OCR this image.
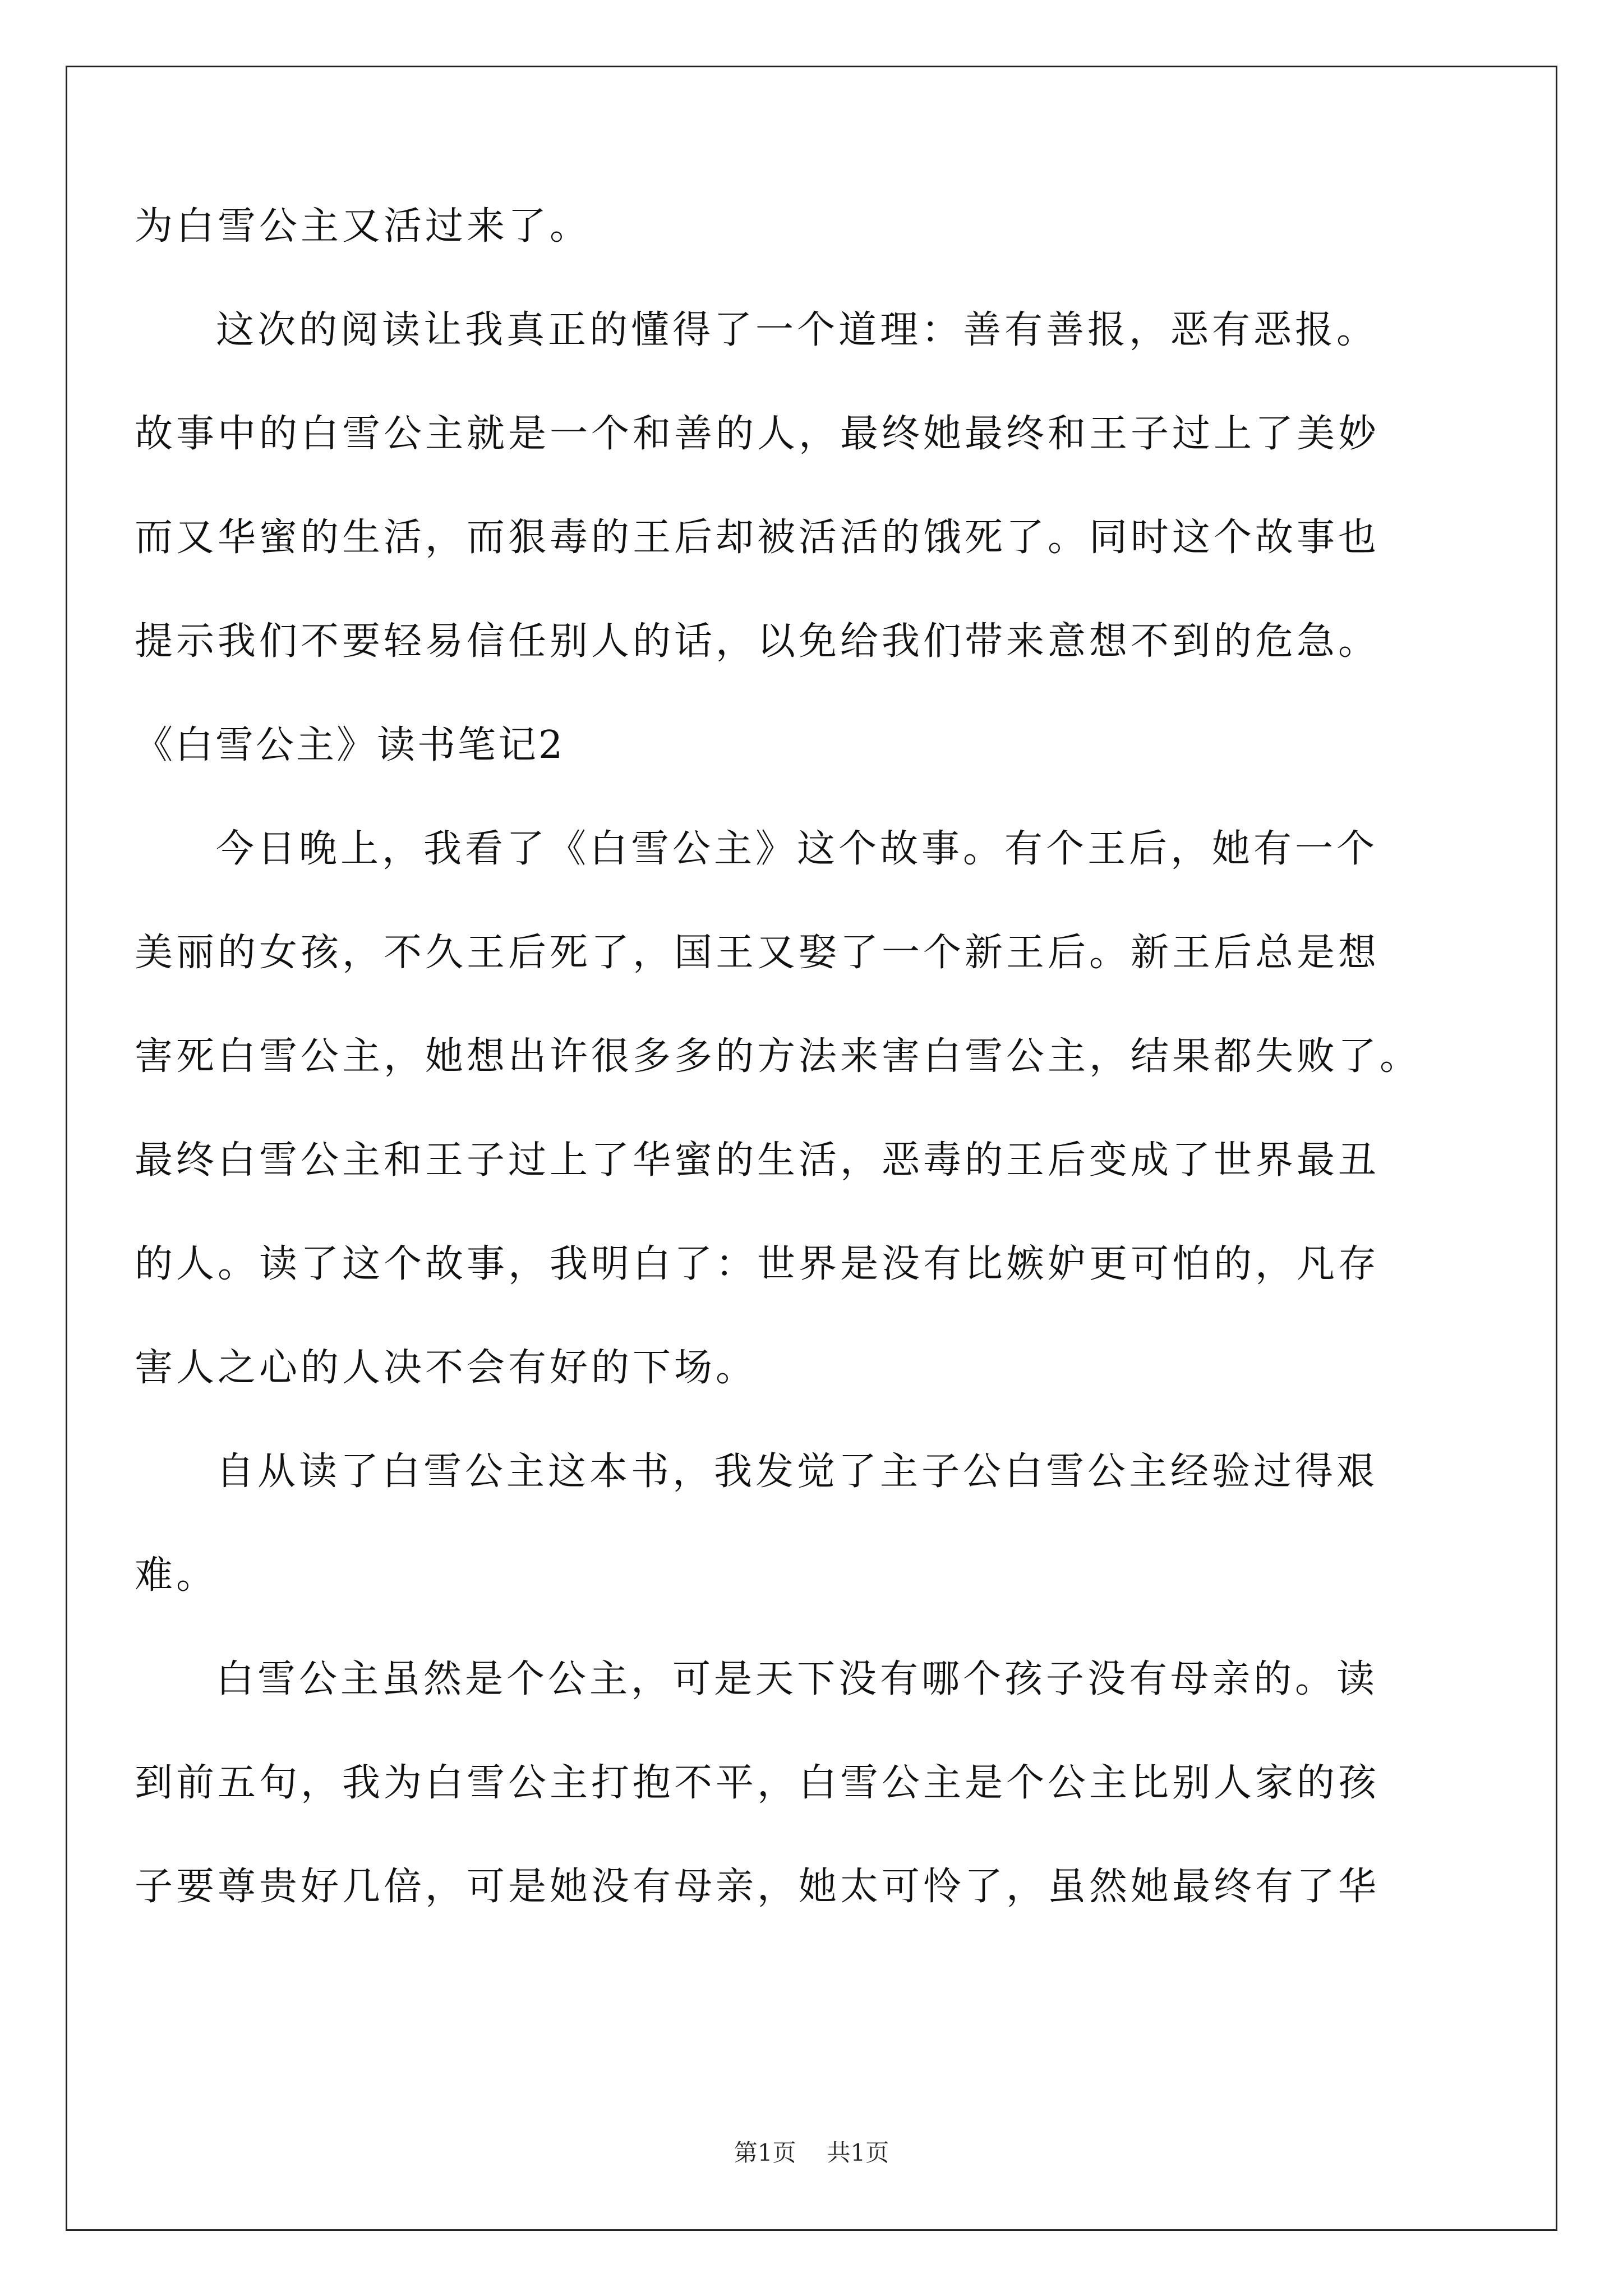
为白雪公主又活过来了。
这次的阅读让我真正的懂得了一个道理：善有善报，恶有恶报。
故事中的白雪公主就是一个和善的人，最终她最终和王子过上了美妙
而又华蜜的生活，而狠毒的王后却被活活的饿死了。同时这个故事也
提示我们不要轻易信任别人的话，以免给我们带来意想不到的危急。
《白雪公主》读书笔记2
今日晚上，我看了《白雪公主》这个故事。有个王后，她有一个
美丽的女孩，不久王后死了，国王又娶了一个新王后。新王后总是想
害死白雪公主，她想出许很多多的方法来害白雪公主，结果都失败了。
最终白雪公主和王子过上了华蜜的生活，恶毒的王后变成了世界最丑
的人。读了这个故事，我明白了：世界是没有比嫉妒更可怕的，凡存
害人之心的人决不会有好的下场。
自从读了白雪公主这本书，我发觉了主子公白雪公主经验过得艰
难。
白雪公主虽然是个公主，可是天下没有哪个孩子没有母亲的。读
到前五句，我为白雪公主打抱不平，白雪公主是个公主比别人家的孩
子要尊贵好几倍，可是她没有母亲，她太可怜了，虽然她最终有了华
第1页 共1页
